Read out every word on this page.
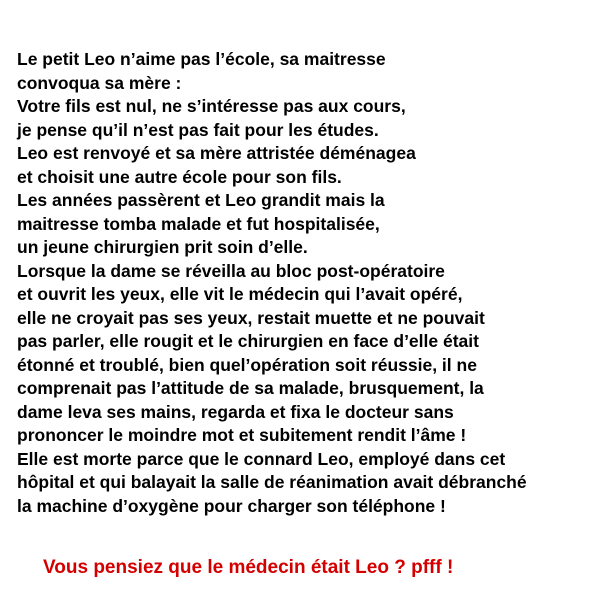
Le petit Leo n’aime pas l’école, sa maitresse
convoqua sa mère :
Votre fils est nul, ne s’intéresse pas aux cours,
je pense qu’il n’est pas fait pour les études.
Leo est renvoyé et sa mère attristée déménagea
et choisit une autre école pour son fils.
Les années passèrent et Leo grandit mais la
maitresse tomba malade et fut hospitalisée,
un jeune chirurgien prit soin d’elle.
Lorsque la dame se réveilla au bloc post-opératoire
et ouvrit les yeux, elle vit le médecin qui l’avait opéré,
elle ne croyait pas ses yeux, restait muette et ne pouvait
pas parler, elle rougit et le chirurgien en face d’elle était
étonné et troublé, bien quel’opération soit réussie, il ne
comprenait pas l’attitude de sa malade, brusquement, la
dame leva ses mains, regarda et fixa le docteur sans
prononcer le moindre mot et subitement rendit l’âme !
Elle est morte parce que le connard Leo, employé dans cet
hôpital et qui balayait la salle de réanimation avait débranché
la machine d’oxygène pour charger son téléphone !

Vous pensiez que le médecin était Leo ? pfff !
